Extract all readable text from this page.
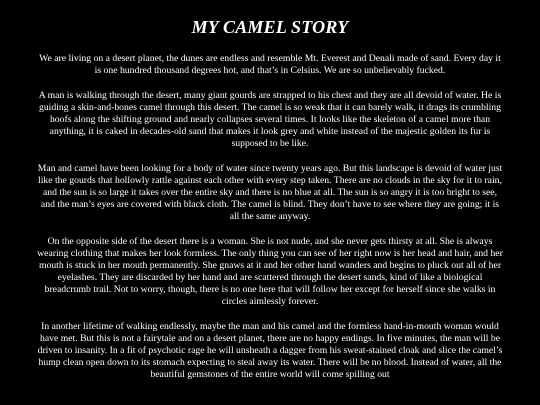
MY CAMEL STORY

We are living on a desert planet, the dunes are endless and resemble Mt. Everest and Denali made of sand. Every day it is one hundred thousand degrees hot, and that’s in Celsius. We are so unbelievably fucked.

A man is walking through the desert, many giant gourds are strapped to his chest and they are all devoid of water. He is guiding a skin-and-bones camel through this desert. The camel is so weak that it can barely walk, it drags its crumbling hoofs along the shifting ground and nearly collapses several times. It looks like the skeleton of a camel more than anything, it is caked in decades-old sand that makes it look grey and white instead of the majestic golden its fur is supposed to be like.

Man and camel have been looking for a body of water since twenty years ago. But this landscape is devoid of water just like the gourds that hollowly rattle against each other with every step taken. There are no clouds in the sky for it to rain, and the sun is so large it takes over the entire sky and there is no blue at all. The sun is so angry it is too bright to see, and the man’s eyes are covered with black cloth. The camel is blind. They don’t have to see where they are going; it is all the same anyway.

On the opposite side of the desert there is a woman. She is not nude, and she never gets thirsty at all. She is always wearing clothing that makes her look formless. The only thing you can see of her right now is her head and hair, and her mouth is stuck in her mouth permanently. She gnaws at it and her other hand wanders and begins to pluck out all of her eyelashes. They are discarded by her hand and are scattered through the desert sands, kind of like a biological breadcrumb trail. Not to worry, though, there is no one here that will follow her except for herself since she walks in circles aimlessly forever.

In another lifetime of walking endlessly, maybe the man and his camel and the formless hand-in-mouth woman would have met. But this is not a fairytale and on a desert planet, there are no happy endings. In five minutes, the man will be driven to insanity. In a fit of psychotic rage he will unsheath a dagger from his sweat-stained cloak and slice the camel’s hump clean open down to its stomach expecting to steal away its water. There will be no blood. Instead of water, all the beautiful gemstones of the entire world will come spilling out
